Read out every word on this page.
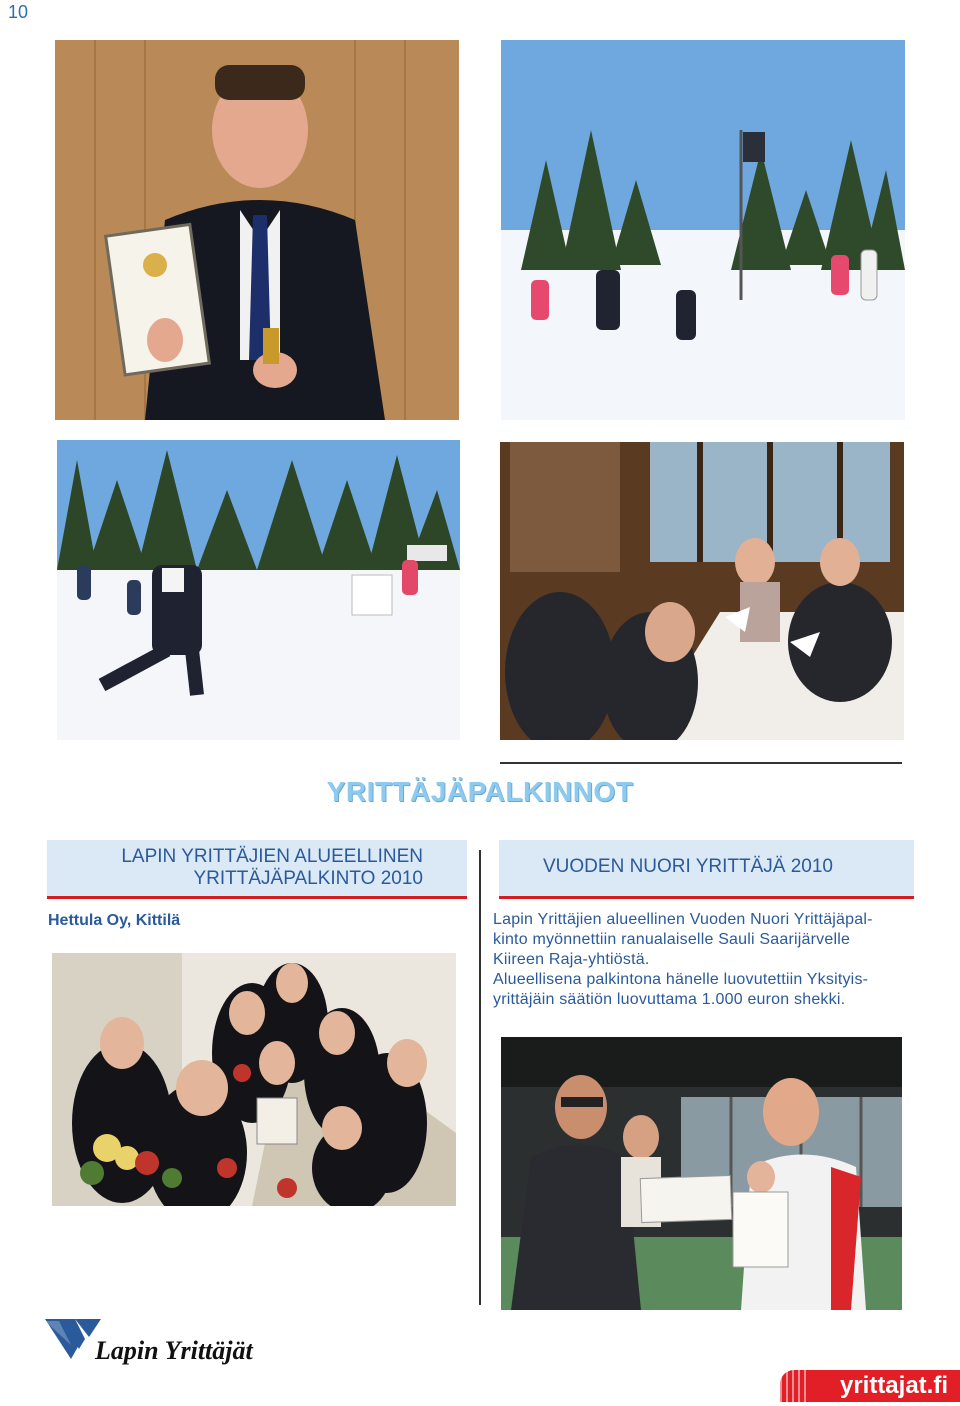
10
YRITTÄJÄPALKINNOT
LAPIN YRITTÄJIEN ALUEELLINEN
YRITTÄJÄPALKINTO 2010
VUODEN NUORI YRITTÄJÄ 2010
Hettula Oy, Kittilä	Lapin Yrittäjien alueellinen Vuoden Nuori Yrittäjäpal-

kinto myönnettiin ranualaiselle Sauli Saarijärvelle

Kiireen Raja-yhtiöstä.

Alueellisena palkintona hänelle luovutettiin Yksityis-

yrittäjäin säätiön luovuttama 1.000 euron shekki.

Lapin Yrittäjät
yrittajat.fi
